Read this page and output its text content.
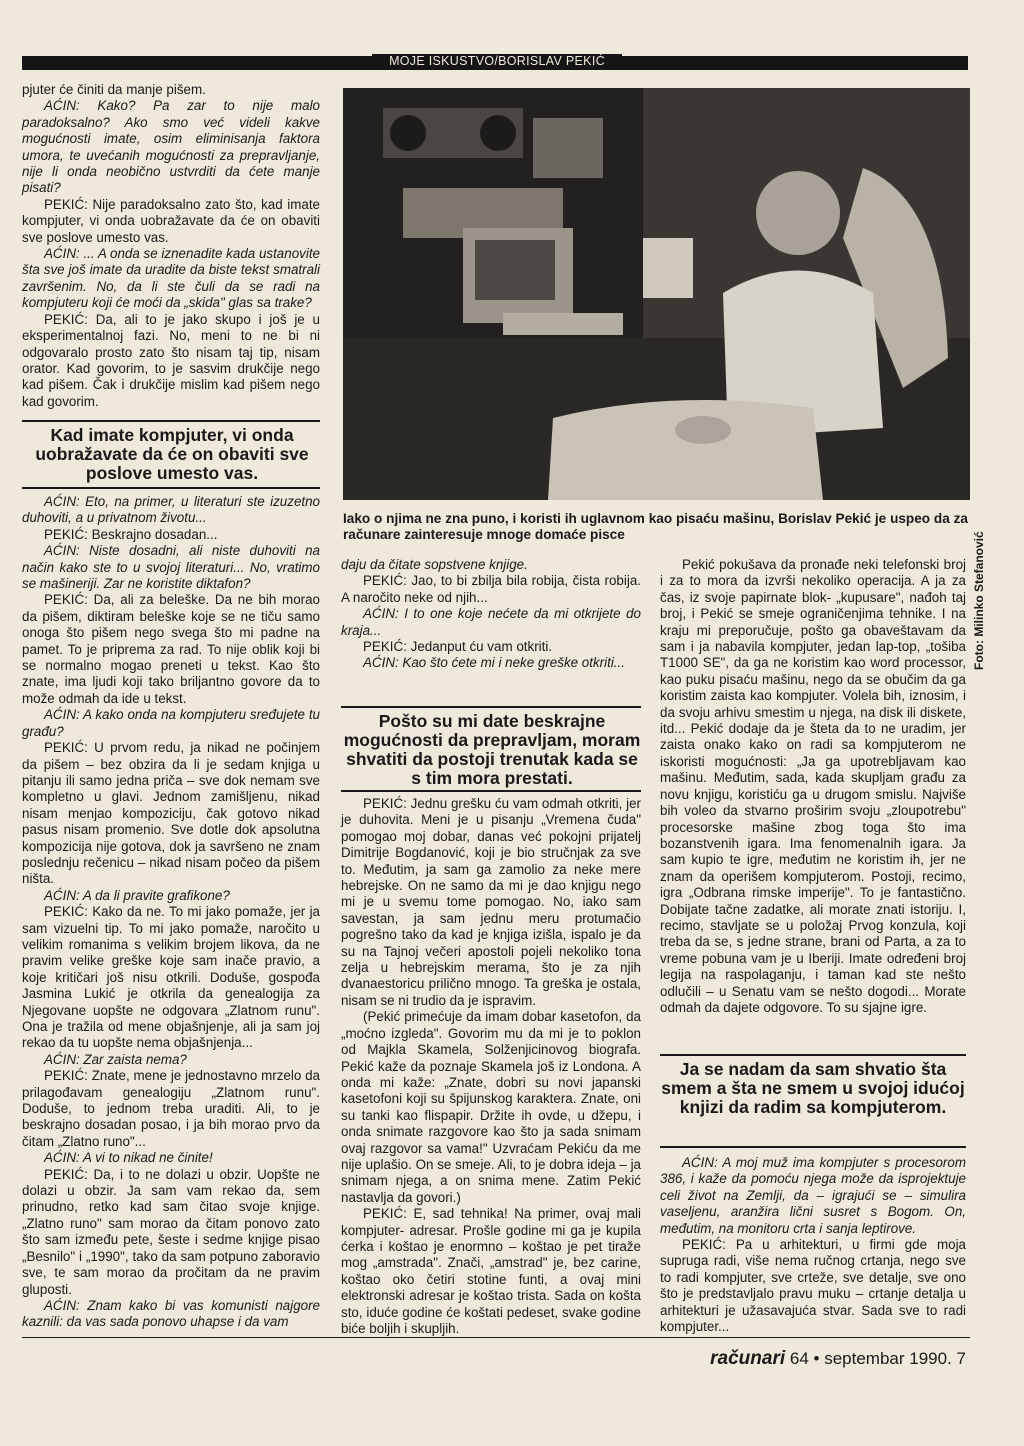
MOJE ISKUSTVO/BORISLAV PEKIĆ

pjuter će činiti da manje pišem.

AĆIN: Kako? Pa zar to nije malo paradoksalno? Ako smo već videli kakve mogućnosti imate, osim eliminisanja faktora umora, te uvećanih mogućnosti za prepravljanje, nije li onda neobično ustvrditi da ćete manje pisati?

PEKIĆ: Nije paradoksalno zato što, kad imate kompjuter, vi onda uobražavate da će on obaviti sve poslove umesto vas.

AĆIN: ... A onda se iznenadite kada ustanovite šta sve još imate da uradite da biste tekst smatrali završenim. No, da li ste čuli da se radi na kompjuteru koji će moći da „skida" glas sa trake?

PEKIĆ: Da, ali to je jako skupo i još je u eksperimentalnoj fazi. No, meni to ne bi ni odgovaralo prosto zato što nisam taj tip, nisam orator. Kad govorim, to je sasvim drukčije nego kad pišem. Čak i drukčije mislim kad pišem nego kad govorim.

Kad imate kompjuter, vi onda uobražavate da će on obaviti sve poslove umesto vas.

AĆIN: Eto, na primer, u literaturi ste izuzetno duhoviti, a u privatnom životu...

PEKIĆ: Beskrajno dosadan...

AĆIN: Niste dosadni, ali niste duhoviti na način kako ste to u svojoj literaturi... No, vratimo se mašineriji. Zar ne koristite diktafon?

PEKIĆ: Da, ali za beleške. Da ne bih morao da pišem, diktiram beleške koje se ne tiču samo onoga što pišem nego svega što mi padne na pamet. To je priprema za rad. To nije oblik koji bi se normalno mogao preneti u tekst. Kao što znate, ima ljudi koji tako briljantno govore da to može odmah da ide u tekst.

AĆIN: A kako onda na kompjuteru sređujete tu građu?

PEKIĆ: U prvom redu, ja nikad ne počinjem da pišem – bez obzira da li je sedam knjiga u pitanju ili samo jedna priča – sve dok nemam sve kompletno u glavi. Jednom zamišljenu, nikad nisam menjao kompoziciju, čak gotovo nikad pasus nisam promenio. Sve dotle dok apsolutna kompozicija nije gotova, dok ja savršeno ne znam poslednju rečenicu – nikad nisam počeo da pišem ništa.

AĆIN: A da li pravite grafikone?

PEKIĆ: Kako da ne. To mi jako pomaže, jer ja sam vizuelni tip. To mi jako pomaže, naročito u velikim romanima s velikim brojem likova, da ne pravim velike greške koje sam inače pravio, a koje kritičari još nisu otkrili. Doduše, gospođa Jasmina Lukić je otkrila da genealogija za Njegovane uopšte ne odgovara „Zlatnom runu". Ona je tražila od mene objašnjenje, ali ja sam joj rekao da tu uopšte nema objašnjenja...

AĆIN: Zar zaista nema?

PEKIĆ: Znate, mene je jednostavno mrzelo da prilagođavam genealogiju „Zlatnom runu". Doduše, to jednom treba uraditi. Ali, to je beskrajno dosadan posao, i ja bih morao prvo da čitam „Zlatno runo"...

AĆIN: A vi to nikad ne činite!

PEKIĆ: Da, i to ne dolazi u obzir. Uopšte ne dolazi u obzir. Ja sam vam rekao da, sem prinudno, retko kad sam čitao svoje knjige. „Zlatno runo" sam morao da čitam ponovo zato što sam između pete, šeste i sedme knjige pisao „Besnilo" i „1990", tako da sam potpuno zaboravio sve, te sam morao da pročitam da ne pravim gluposti.

AĆIN: Znam kako bi vas komunisti najgore kaznili: da vas sada ponovo uhapse i da vam

Foto: Milinko Stefanović
Iako o njima ne zna puno, i koristi ih uglavnom kao pisaću mašinu, Borislav Pekić je uspeo da za računare zainteresuje mnoge domaće pisce

daju da čitate sopstvene knjige.

PEKIĆ: Jao, to bi zbilja bila robija, čista robija. A naročito neke od njih...

AĆIN: I to one koje nećete da mi otkrijete do kraja...

PEKIĆ: Jedanput ću vam otkriti.

AĆIN: Kao što ćete mi i neke greške otkriti...

Pošto su mi date beskrajne mogućnosti da prepravljam, moram shvatiti da postoji trenutak kada se s tim mora prestati.

PEKIĆ: Jednu grešku ću vam odmah otkriti, jer je duhovita. Meni je u pisanju „Vremena čuda" pomogao moj dobar, danas već pokojni prijatelj Dimitrije Bogdanović, koji je bio stručnjak za sve to. Međutim, ja sam ga zamolio za neke mere hebrejske. On ne samo da mi je dao knjigu nego mi je u svemu tome pomogao. No, iako sam savestan, ja sam jednu meru protumačio pogrešno tako da kad je knjiga izišla, ispalo je da su na Tajnoj večeri apostoli pojeli nekoliko tona zelja u hebrejskim merama, što je za njih dvanaestoricu prilično mnogo. Ta greška je ostala, nisam se ni trudio da je ispravim.

(Pekić primećuje da imam dobar kasetofon, da „moćno izgleda". Govorim mu da mi je to poklon od Majkla Skamela, Solženjicinovog biografa. Pekić kaže da poznaje Skamela još iz Londona. A onda mi kaže: „Znate, dobri su novi japanski kasetofoni koji su špijunskog karaktera. Znate, oni su tanki kao flispapir. Držite ih ovde, u džepu, i onda snimate razgovore kao što ja sada snimam ovaj razgovor sa vama!" Uzvraćam Pekiću da me nije uplašio. On se smeje. Ali, to je dobra ideja – ja snimam njega, a on snima mene. Zatim Pekić nastavlja da govori.)

PEKIĆ: E, sad tehnika! Na primer, ovaj mali kompjuter- adresar. Prošle godine mi ga je kupila ćerka i koštao je enormno – koštao je pet tiraže mog „amstrada". Znači, „amstrad" je, bez carine, koštao oko četiri stotine funti, a ovaj mini elektronski adresar je koštao trista. Sada on košta sto, iduće godine će koštati pedeset, svake godine biće boljih i skupljih.

Pekić pokušava da pronađe neki telefonski broj i za to mora da izvrši nekoliko operacija. A ja za čas, iz svoje papirnate blok- „kupusare", nađoh taj broj, i Pekić se smeje ograničenjima tehnike. I na kraju mi preporučuje, pošto ga obaveštavam da sam i ja nabavila kompjuter, jedan lap-top, „tošiba T1000 SE", da ga ne koristim kao word processor, kao puku pisaću mašinu, nego da se obučim da ga koristim zaista kao kompjuter. Volela bih, iznosim, i da svoju arhivu smestim u njega, na disk ili diskete, itd... Pekić dodaje da je šteta da to ne uradim, jer zaista onako kako on radi sa kompjuterom ne iskoristi mogućnosti: „Ja ga upotrebljavam kao mašinu. Međutim, sada, kada skupljam građu za novu knjigu, koristiću ga u drugom smislu. Najviše bih voleo da stvarno proširim svoju „zloupotrebu" procesorske mašine zbog toga što ima bozanstvenih igara. Ima fenomenalnih igara. Ja sam kupio te igre, međutim ne koristim ih, jer ne znam da operišem kompjuterom. Postoji, recimo, igra „Odbrana rimske imperije". To je fantastično. Dobijate tačne zadatke, ali morate znati istoriju. I, recimo, stavljate se u položaj Prvog konzula, koji treba da se, s jedne strane, brani od Parta, a za to vreme pobuna vam je u Iberiji. Imate određeni broj legija na raspolaganju, i taman kad ste nešto odlučili – u Senatu vam se nešto dogodi... Morate odmah da dajete odgovore. To su sjajne igre.

Ja se nadam da sam shvatio šta smem a šta ne smem u svojoj idućoj knjizi da radim sa kompjuterom.

AĆIN: A moj muž ima kompjuter s procesorom 386, i kaže da pomoću njega može da isprojektuje celi život na Zemlji, da – igrajući se – simulira vaseljenu, aranžira lični susret s Bogom. On, međutim, na monitoru crta i sanja leptirove.

PEKIĆ: Pa u arhitekturi, u firmi gde moja supruga radi, više nema ručnog crtanja, nego sve to radi kompjuter, sve crteže, sve detalje, sve ono što je predstavljalo pravu muku – crtanje detalja u arhitekturi je užasavajuća stvar. Sada sve to radi kompjuter...

računari 64 • septembar 1990. 7
